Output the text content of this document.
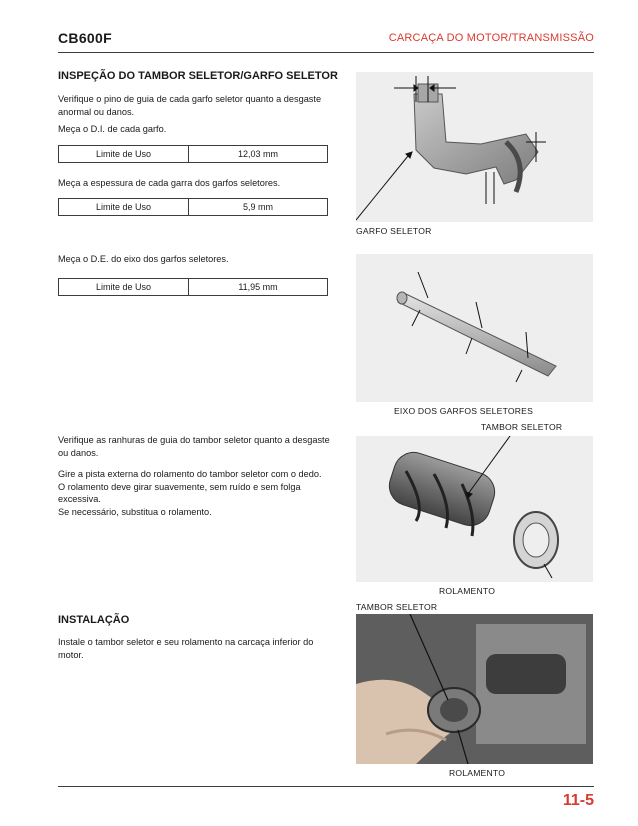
CB600F	CARCAÇA DO MOTOR/TRANSMISSÃO
INSPEÇÃO DO TAMBOR SELETOR/GARFO SELETOR
Verifique o pino de guia de cada garfo seletor quanto a desgaste anormal ou danos.
Meça o D.I. de cada garfo.
Limite de Uso	12,03 mm
Meça a espessura de cada garra dos garfos seletores.
Limite de Uso	5,9 mm
Meça o D.E. do eixo dos garfos seletores.
Limite de Uso	11,95 mm
Verifique as ranhuras de guia do tambor seletor quanto a desgaste ou danos.
Gire a pista externa do rolamento do tambor seletor com o dedo.
O rolamento deve girar suavemente, sem ruído e sem folga excessiva.
Se necessário, substitua o rolamento.
INSTALAÇÃO
Instale o tambor seletor e seu rolamento na carcaça inferior do motor.
GARFO SELETOR
EIXO DOS GARFOS SELETORES
TAMBOR SELETOR
ROLAMENTO
TAMBOR SELETOR
ROLAMENTO
11-5
